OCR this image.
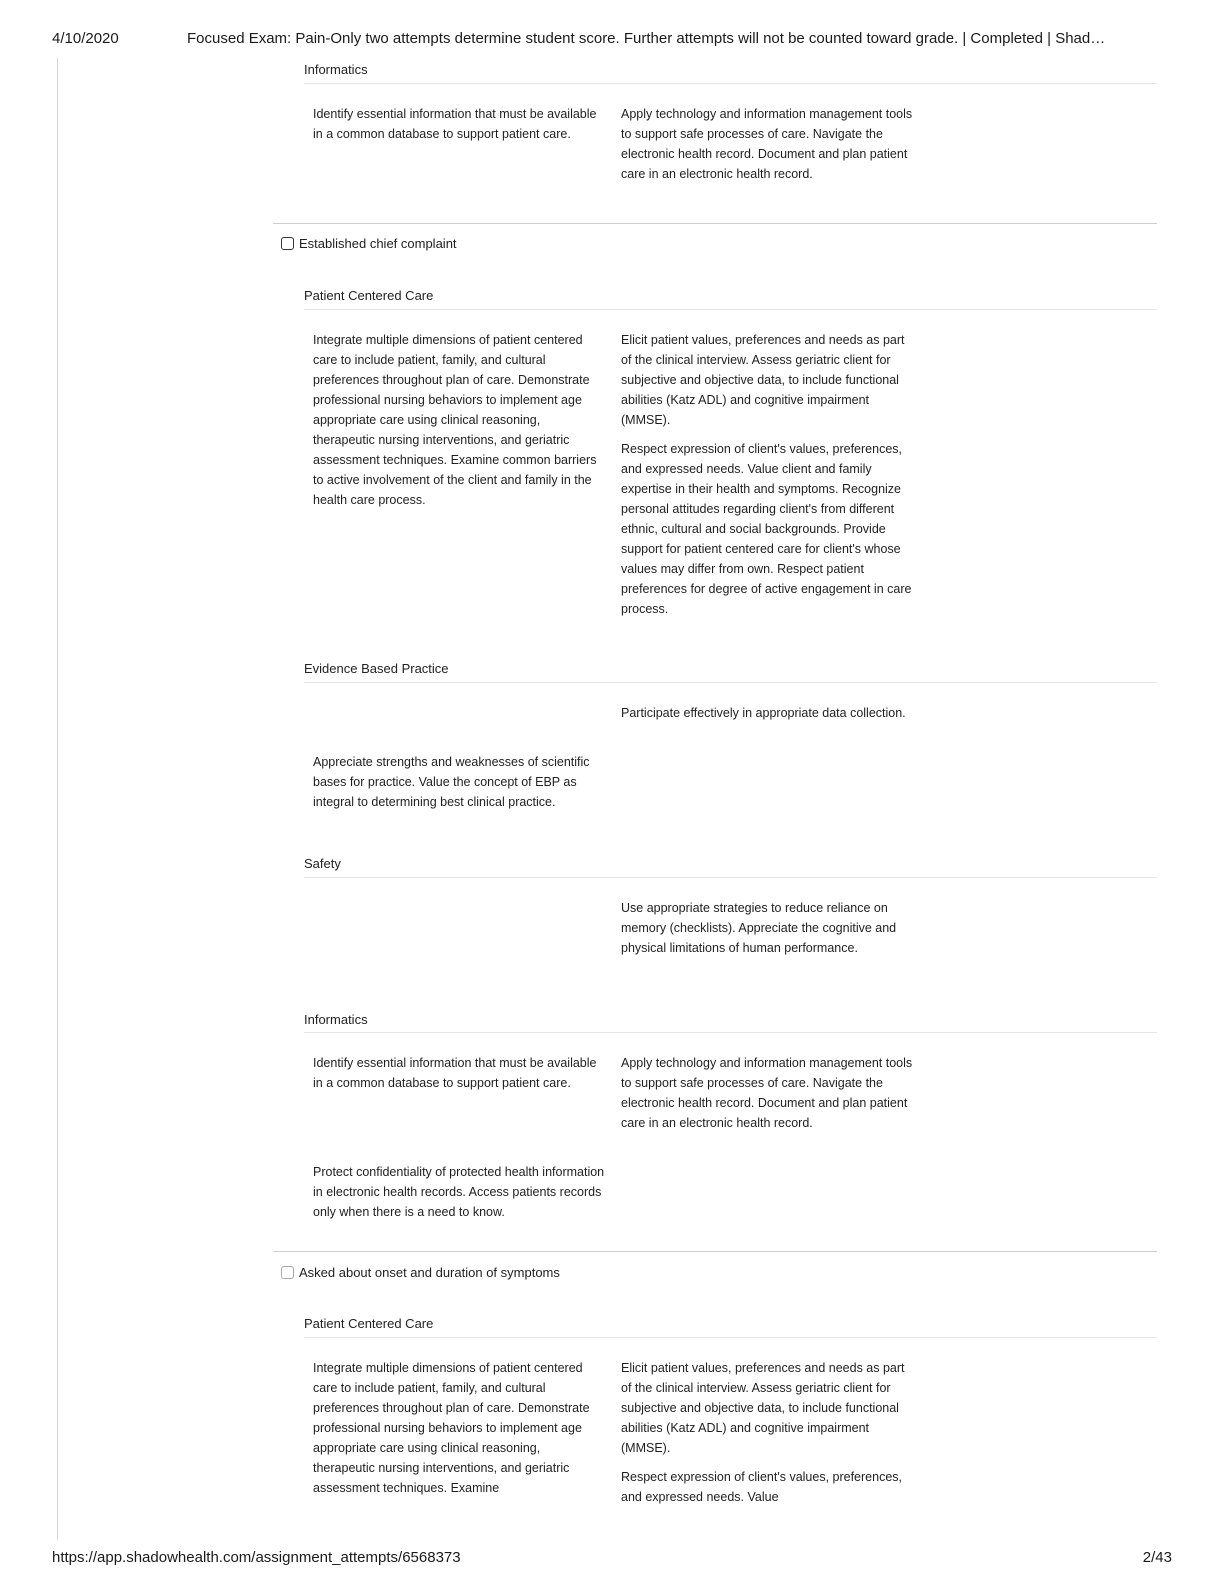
4/10/2020	Focused Exam: Pain-Only two attempts determine student score. Further attempts will not be counted toward grade. | Completed | Shad…
Informatics
Identify essential information that must be available in a common database to support patient care.
Apply technology and information management tools to support safe processes of care. Navigate the electronic health record. Document and plan patient care in an electronic health record.
Established chief complaint
Patient Centered Care
Integrate multiple dimensions of patient centered care to include patient, family, and cultural preferences throughout plan of care. Demonstrate professional nursing behaviors to implement age appropriate care using clinical reasoning, therapeutic nursing interventions, and geriatric assessment techniques. Examine common barriers to active involvement of the client and family in the health care process.
Elicit patient values, preferences and needs as part of the clinical interview. Assess geriatric client for subjective and objective data, to include functional abilities (Katz ADL) and cognitive impairment (MMSE).
Respect expression of client's values, preferences, and expressed needs. Value client and family expertise in their health and symptoms. Recognize personal attitudes regarding client's from different ethnic, cultural and social backgrounds. Provide support for patient centered care for client's whose values may differ from own. Respect patient preferences for degree of active engagement in care process.
Evidence Based Practice
Participate effectively in appropriate data collection.
Appreciate strengths and weaknesses of scientific bases for practice. Value the concept of EBP as integral to determining best clinical practice.
Safety
Use appropriate strategies to reduce reliance on memory (checklists). Appreciate the cognitive and physical limitations of human performance.
Informatics
Identify essential information that must be available in a common database to support patient care.
Apply technology and information management tools to support safe processes of care. Navigate the electronic health record. Document and plan patient care in an electronic health record.
Protect confidentiality of protected health information in electronic health records. Access patients records only when there is a need to know.
Asked about onset and duration of symptoms
Patient Centered Care
Integrate multiple dimensions of patient centered care to include patient, family, and cultural preferences throughout plan of care. Demonstrate professional nursing behaviors to implement age appropriate care using clinical reasoning, therapeutic nursing interventions, and geriatric assessment techniques. Examine
Elicit patient values, preferences and needs as part of the clinical interview. Assess geriatric client for subjective and objective data, to include functional abilities (Katz ADL) and cognitive impairment (MMSE).
Respect expression of client's values, preferences, and expressed needs. Value
https://app.shadowhealth.com/assignment_attempts/6568373	2/43
